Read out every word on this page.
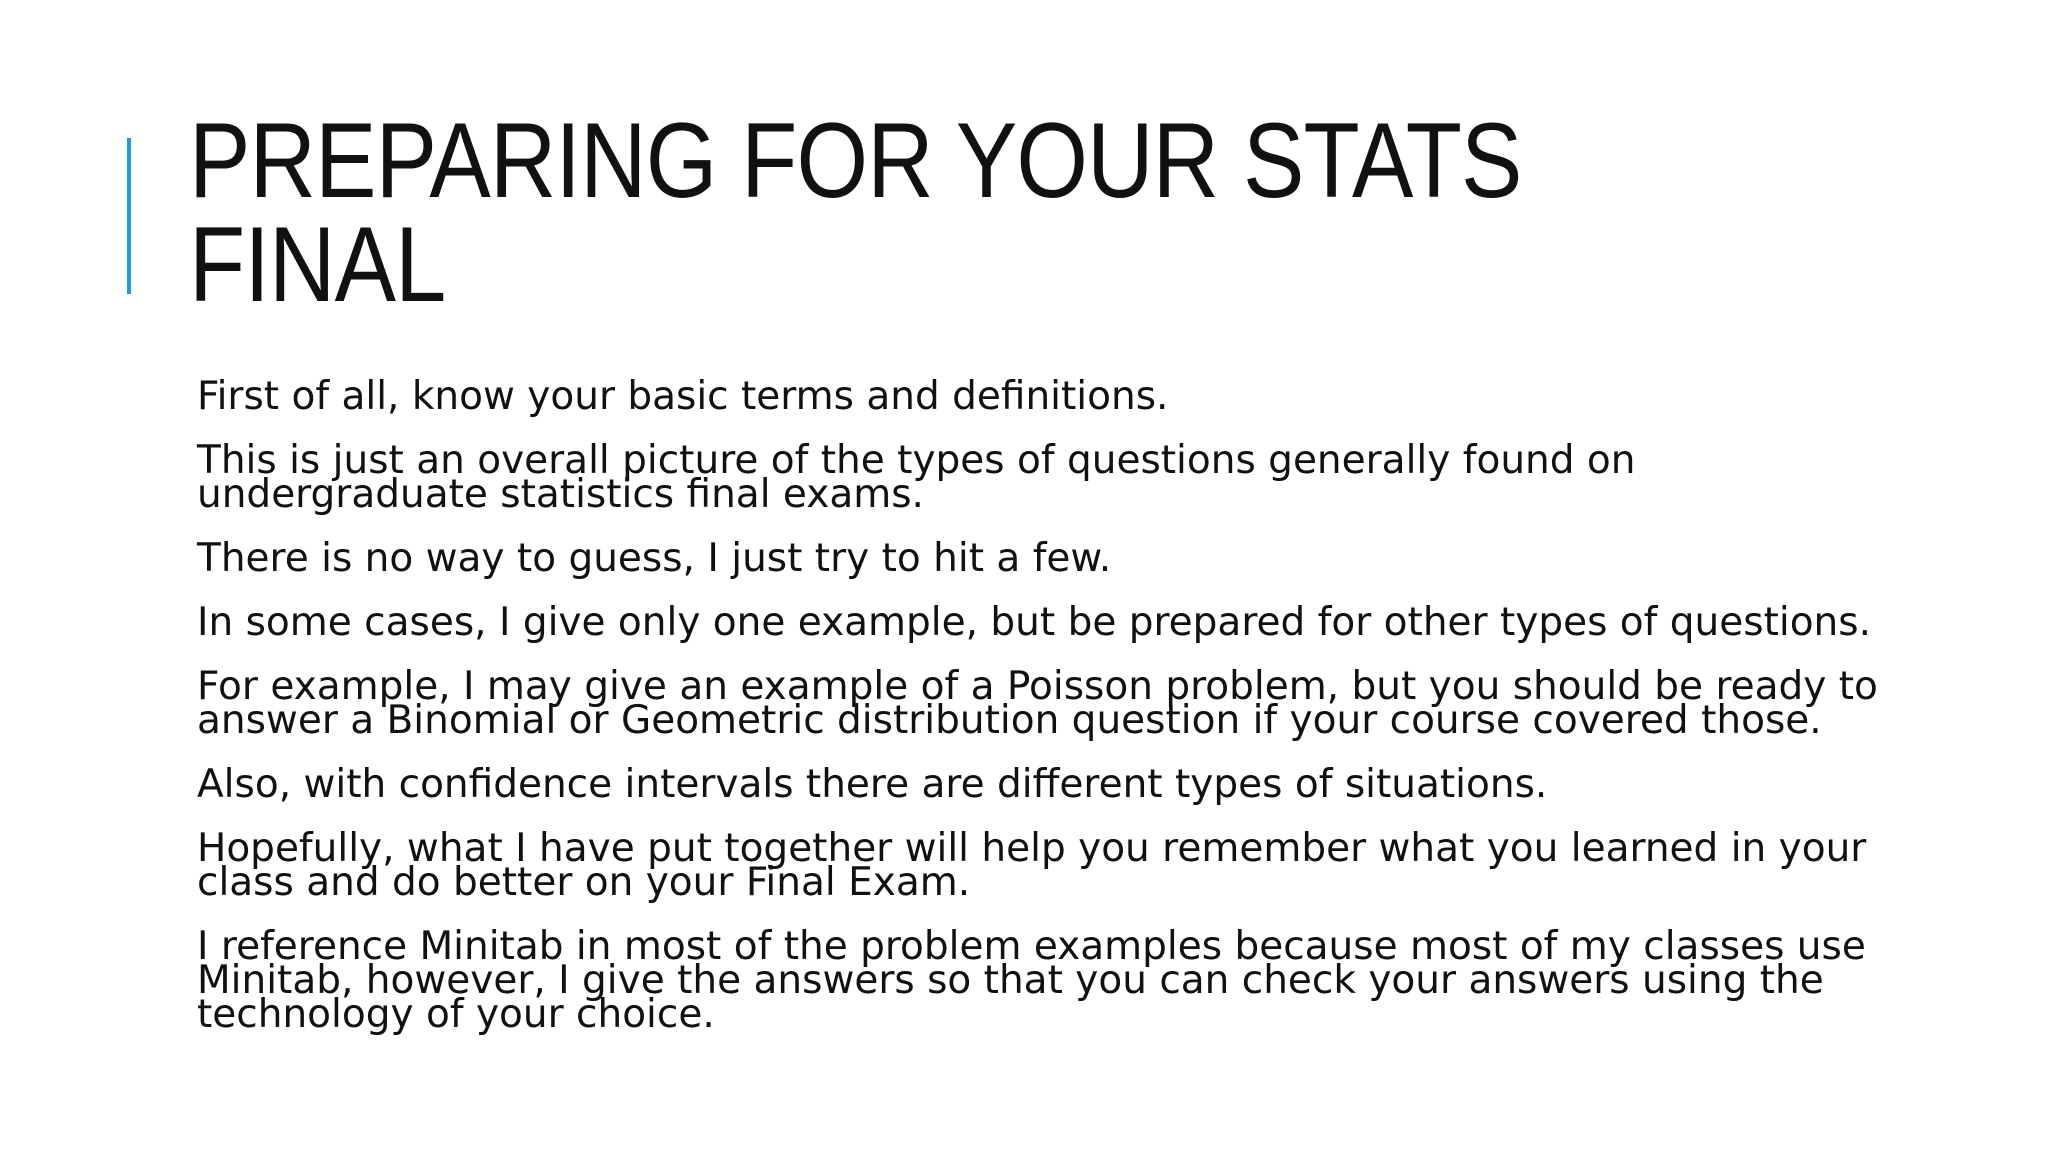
PREPARING FOR YOUR STATS
FINAL
First of all, know your basic terms and definitions.
This is just an overall picture of the types of questions generally found on undergraduate statistics final exams.
There is no way to guess, I just try to hit a few.
In some cases, I give only one example, but be prepared for other types of questions.
For example, I may give an example of a Poisson problem, but you should be ready to answer a Binomial or Geometric distribution question if your course covered those.
Also, with confidence intervals there are different types of situations.
Hopefully, what I have put together will help you remember what you learned in your class and do better on your Final Exam.
I reference Minitab in most of the problem examples because most of my classes use Minitab, however, I give the answers so that you can check your answers using the technology of your choice.
